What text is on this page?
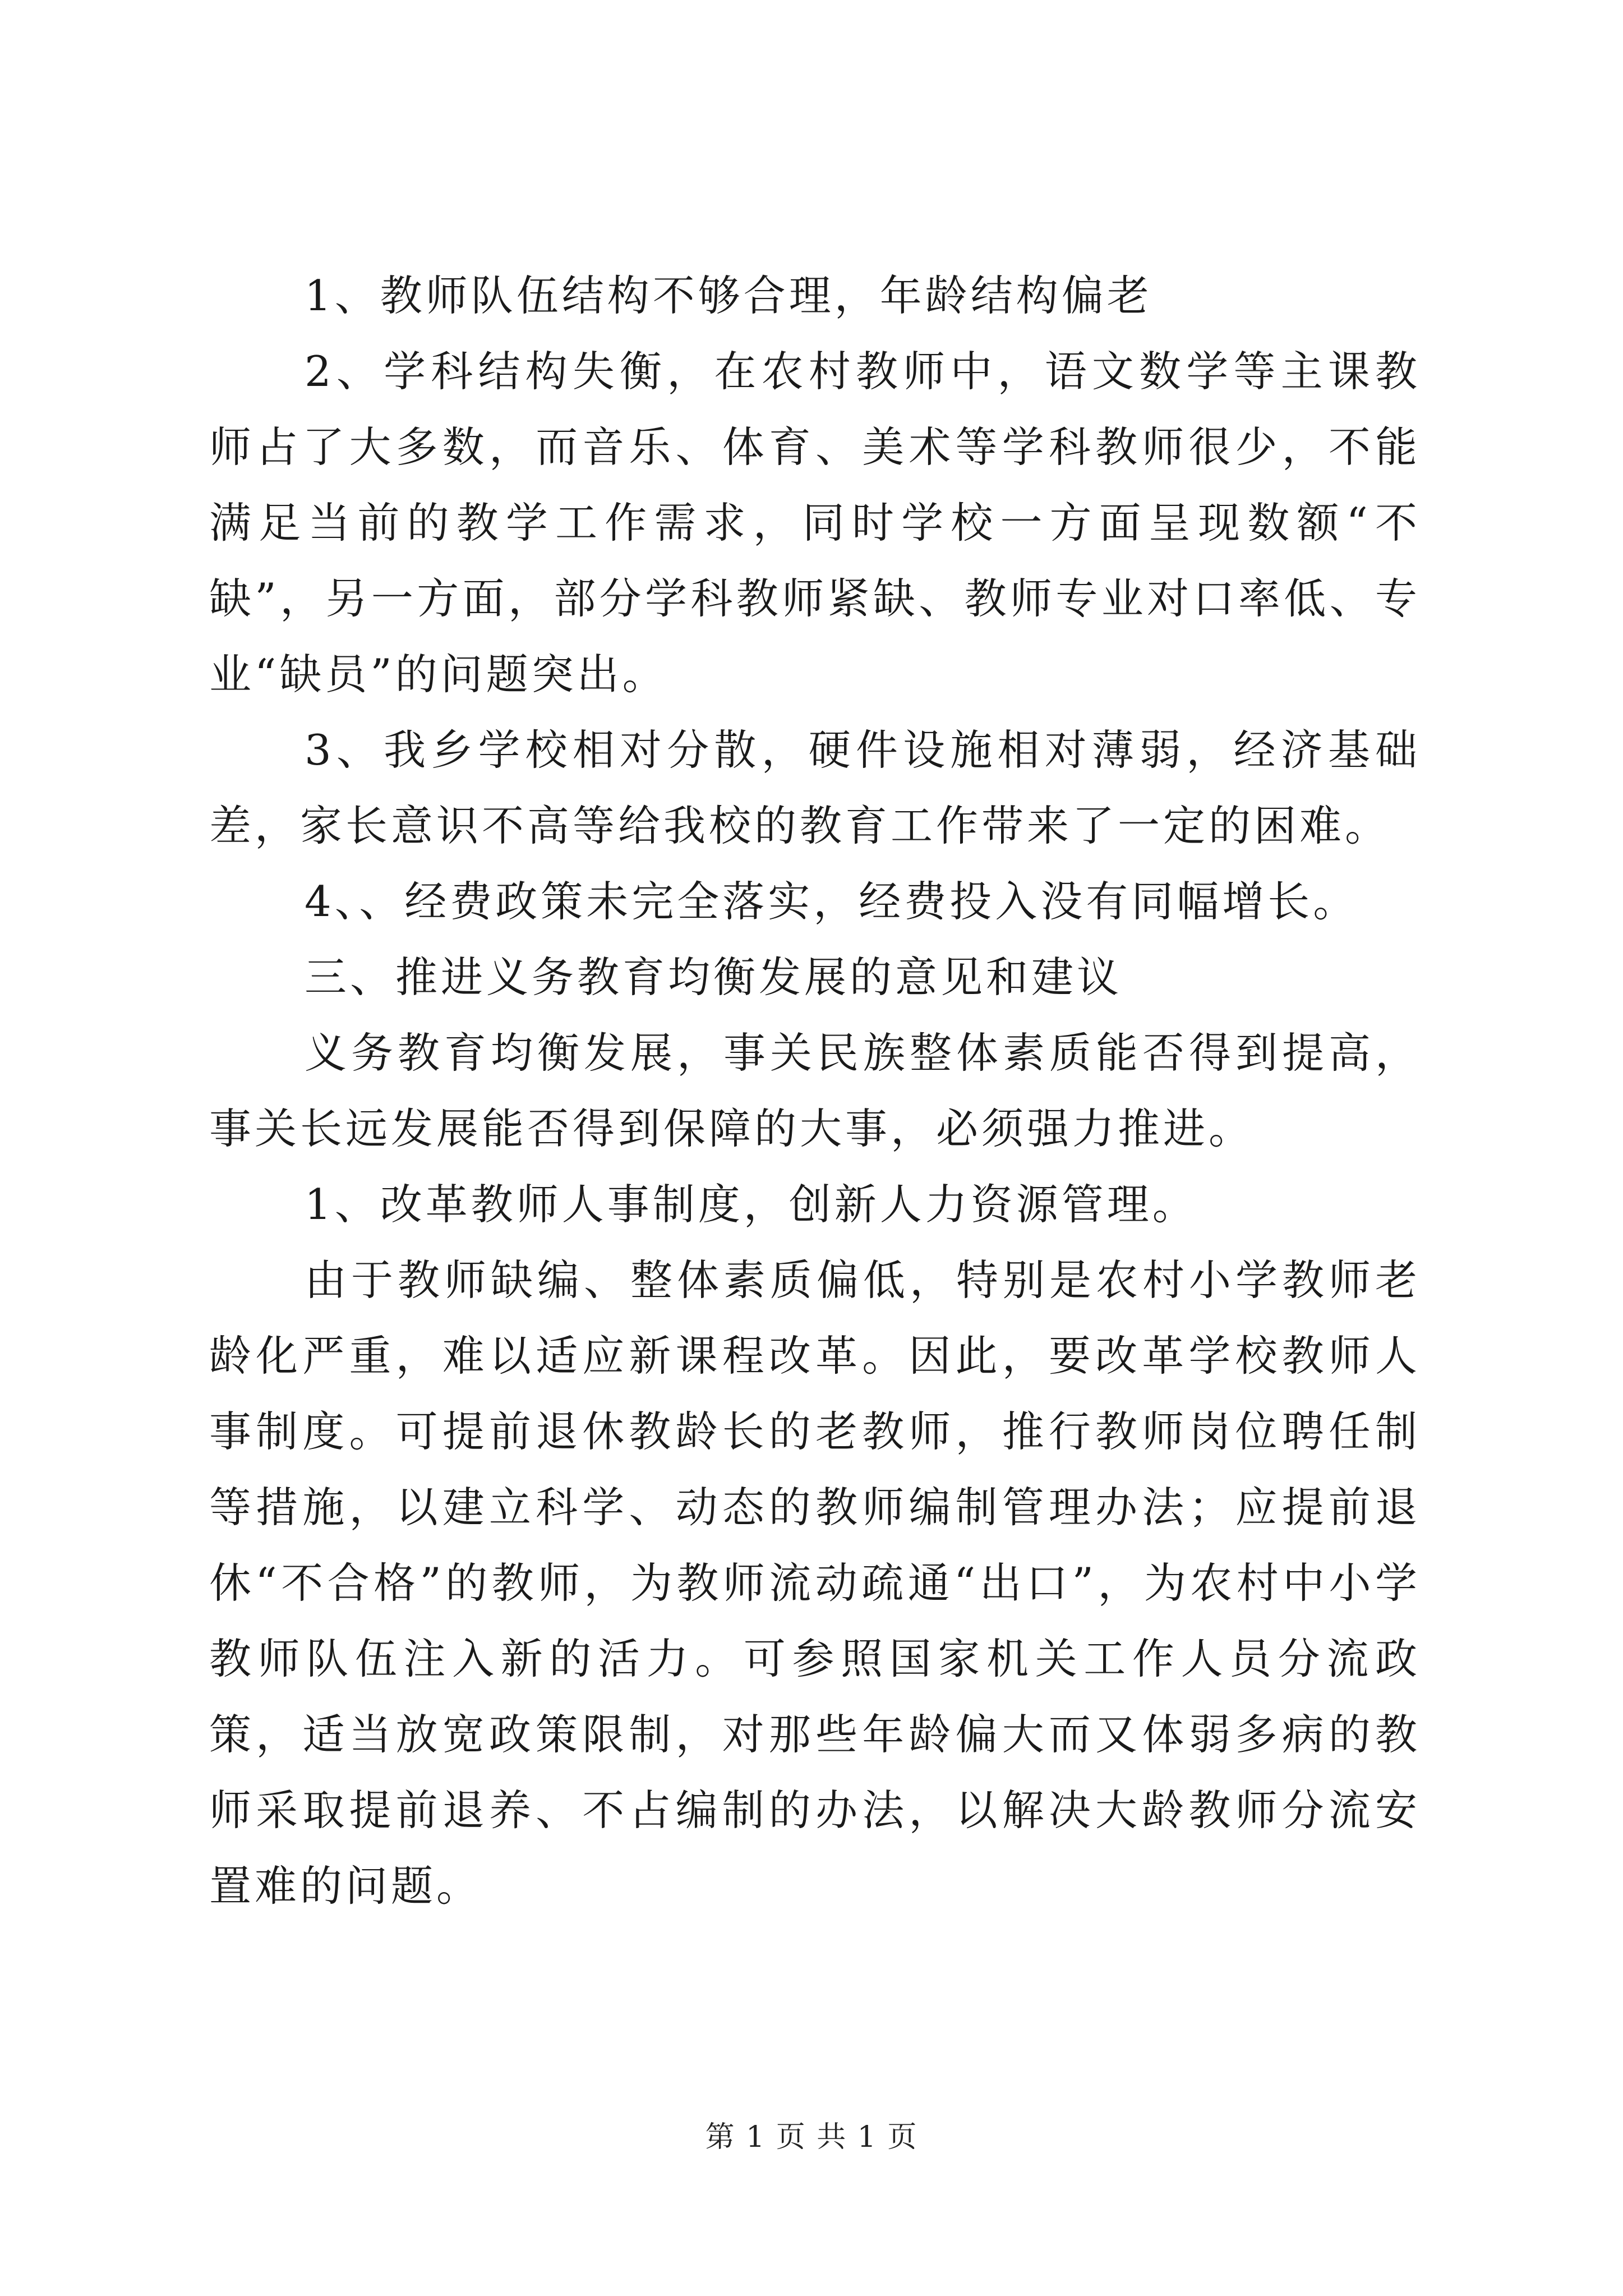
1、教师队伍结构不够合理，年龄结构偏老

2、学科结构失衡，在农村教师中，语文数学等主课教师占了大多数，而音乐、体育、美术等学科教师很少，不能满足当前的教学工作需求，同时学校一方面呈现数额“不缺”，另一方面，部分学科教师紧缺、教师专业对口率低、专业“缺员”的问题突出。

3、我乡学校相对分散，硬件设施相对薄弱，经济基础差，家长意识不高等给我校的教育工作带来了一定的困难。

4、、经费政策未完全落实，经费投入没有同幅增长。

三、推进义务教育均衡发展的意见和建议

义务教育均衡发展，事关民族整体素质能否得到提高，事关长远发展能否得到保障的大事，必须强力推进。

1、改革教师人事制度，创新人力资源管理。

由于教师缺编、整体素质偏低，特别是农村小学教师老龄化严重，难以适应新课程改革。因此，要改革学校教师人事制度。可提前退休教龄长的老教师，推行教师岗位聘任制等措施，以建立科学、动态的教师编制管理办法；应提前退休“不合格”的教师，为教师流动疏通“出口”，为农村中小学教师队伍注入新的活力。可参照国家机关工作人员分流政策，适当放宽政策限制，对那些年龄偏大而又体弱多病的教师采取提前退养、不占编制的办法，以解决大龄教师分流安置难的问题。

第 1 页 共 1 页
